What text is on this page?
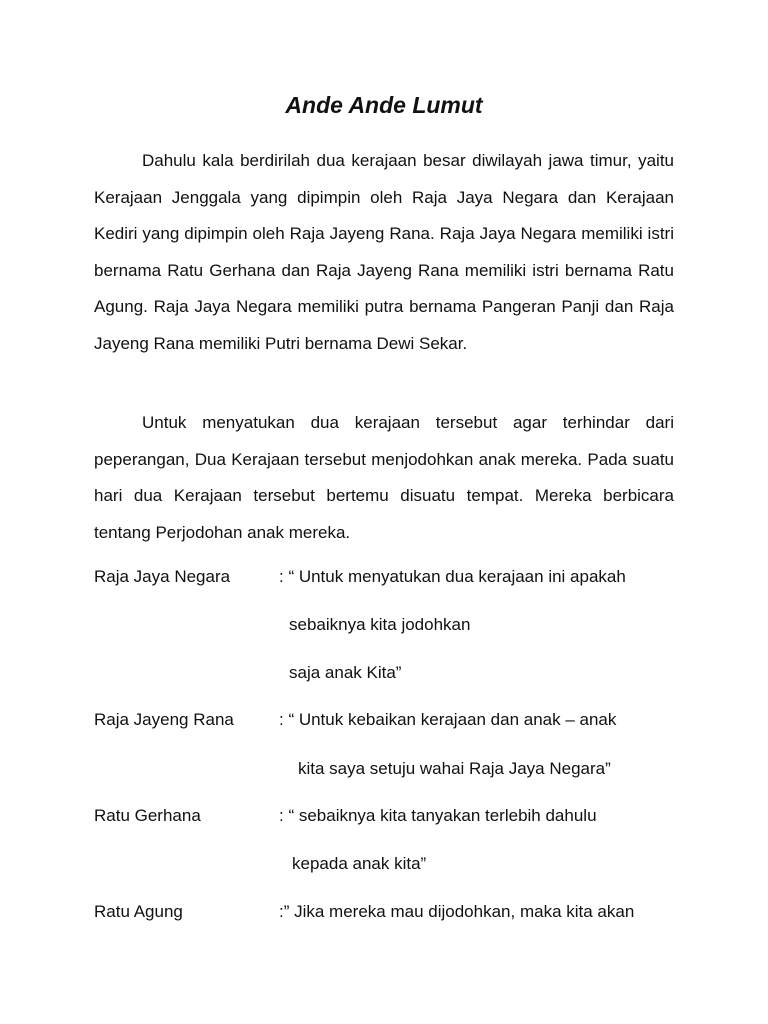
Ande Ande Lumut

Dahulu kala berdirilah dua kerajaan besar diwilayah jawa timur, yaitu Kerajaan Jenggala yang dipimpin oleh Raja Jaya Negara dan Kerajaan Kediri yang dipimpin oleh Raja Jayeng Rana. Raja Jaya Negara memiliki istri bernama Ratu Gerhana dan Raja Jayeng Rana memiliki istri bernama Ratu Agung. Raja Jaya Negara memiliki putra bernama Pangeran Panji dan Raja Jayeng Rana memiliki Putri bernama Dewi Sekar.

Untuk menyatukan dua kerajaan tersebut agar terhindar dari peperangan, Dua Kerajaan tersebut menjodohkan anak mereka. Pada suatu hari dua Kerajaan tersebut bertemu disuatu tempat. Mereka berbicara tentang Perjodohan anak mereka.

Raja Jaya Negara	: “ Untuk menyatukan dua kerajaan ini apakah
sebaiknya kita jodohkan
saja anak Kita”
Raja Jayeng Rana	: “ Untuk kebaikan kerajaan dan anak – anak
kita saya setuju wahai Raja Jaya Negara”
Ratu Gerhana	: “ sebaiknya kita tanyakan terlebih dahulu
kepada anak kita”
Ratu Agung	:” Jika mereka mau dijodohkan, maka kita akan
